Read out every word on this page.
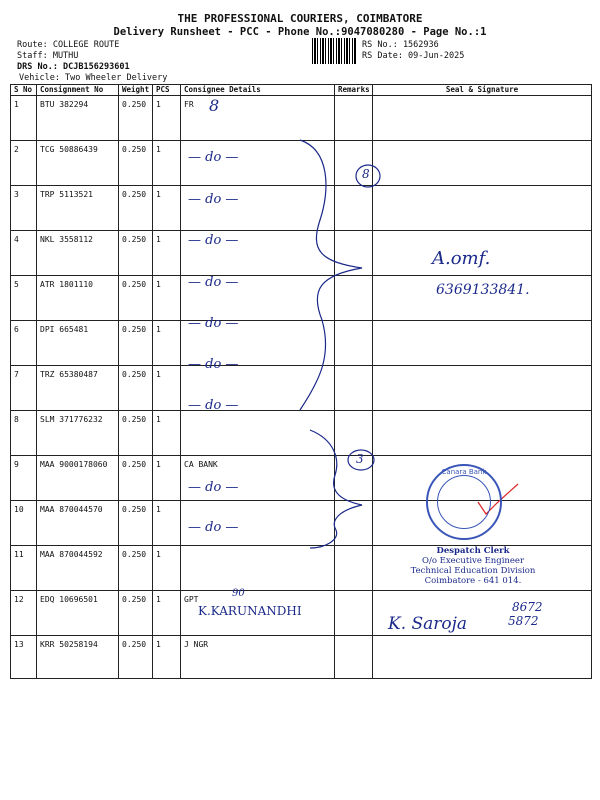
THE PROFESSIONAL COURIERS, COIMBATORE
Delivery Runsheet - PCC - Phone No.:9047080280 - Page No.:1
Route: COLLEGE ROUTE
Staff: MUTHU
DRS No.: DCJB156293601
Vehicle: Two Wheeler Delivery
RS No.: 1562936
RS Date: 09-Jun-2025
S No	Consignment No	Weight	PCS	Consignee Details	Remarks	Seal & Signature
1	BTU 382294	0.250	1	FR		
2	TCG 50886439	0.250	1			
3	TRP 5113521	0.250	1			
4	NKL 3558112	0.250	1			
5	ATR 1801110	0.250	1			
6	DPI 665481	0.250	1			
7	TRZ 65380487	0.250	1			
8	SLM 371776232	0.250	1			
9	MAA 9000178060	0.250	1	CA BANK		
10	MAA 870044570	0.250	1			
11	MAA 870044592	0.250	1			
12	EDQ 10696501	0.250	1	GPT		
13	KRR 50258194	0.250	1	J NGR		
8
— do —
— do —
— do —
— do —
— do —
— do —
— do —
— do —
— do —
8
3
A.omf.
6369133841.
90
K.KARUNANDHI
K. Saroja
8672
5872
Canara Bank
Despatch Clerk
O/o Executive Engineer
Technical Education Division
Coimbatore - 641 014.
